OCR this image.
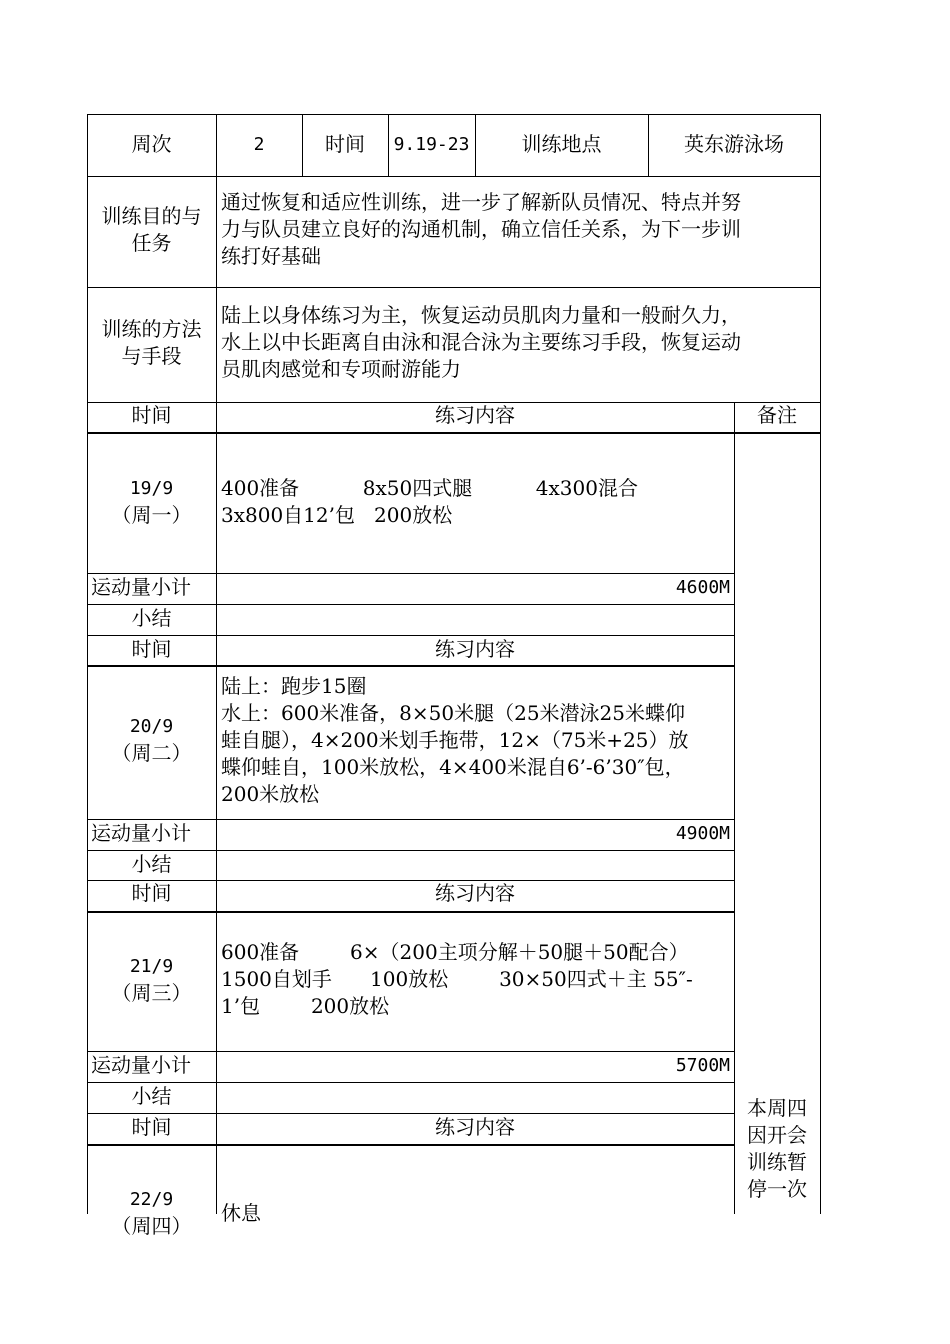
周次	2	时间	9.19-23	训练地点	英东游泳场
训练目的与
任务
通过恢复和适应性训练，进一步了解新队员情况、特点并努
力与队员建立良好的沟通机制，确立信任关系，为下一步训
练打好基础
训练的方法
与手段
陆上以身体练习为主，恢复运动员肌肉力量和一般耐久力，
水上以中长距离自由泳和混合泳为主要练习手段，恢复运动
员肌肉感觉和专项耐游能力
时间	练习内容	备注
19/9
（周一）
400准备          8x50四式腿          4x300混合
3x800自12’包   200放松
运动量小计	4600M
小结
时间	练习内容
20/9
（周二）
陆上：跑步15圈
水上：600米准备，8×50米腿（25米潜泳25米蝶仰
蛙自腿），4×200米划手拖带，12×（75米+25）放
蝶仰蛙自，100米放松，4×400米混自6’-6’30″包，
200米放松
运动量小计	4900M
小结
时间	练习内容
21/9
（周三）
600准备        6×（200主项分解＋50腿＋50配合）
1500自划手      100放松        30×50四式＋主 55″-
1’包        200放松
运动量小计	5700M
小结
时间	练习内容
22/9
（周四）
休息
本周四
因开会
训练暂
停一次
